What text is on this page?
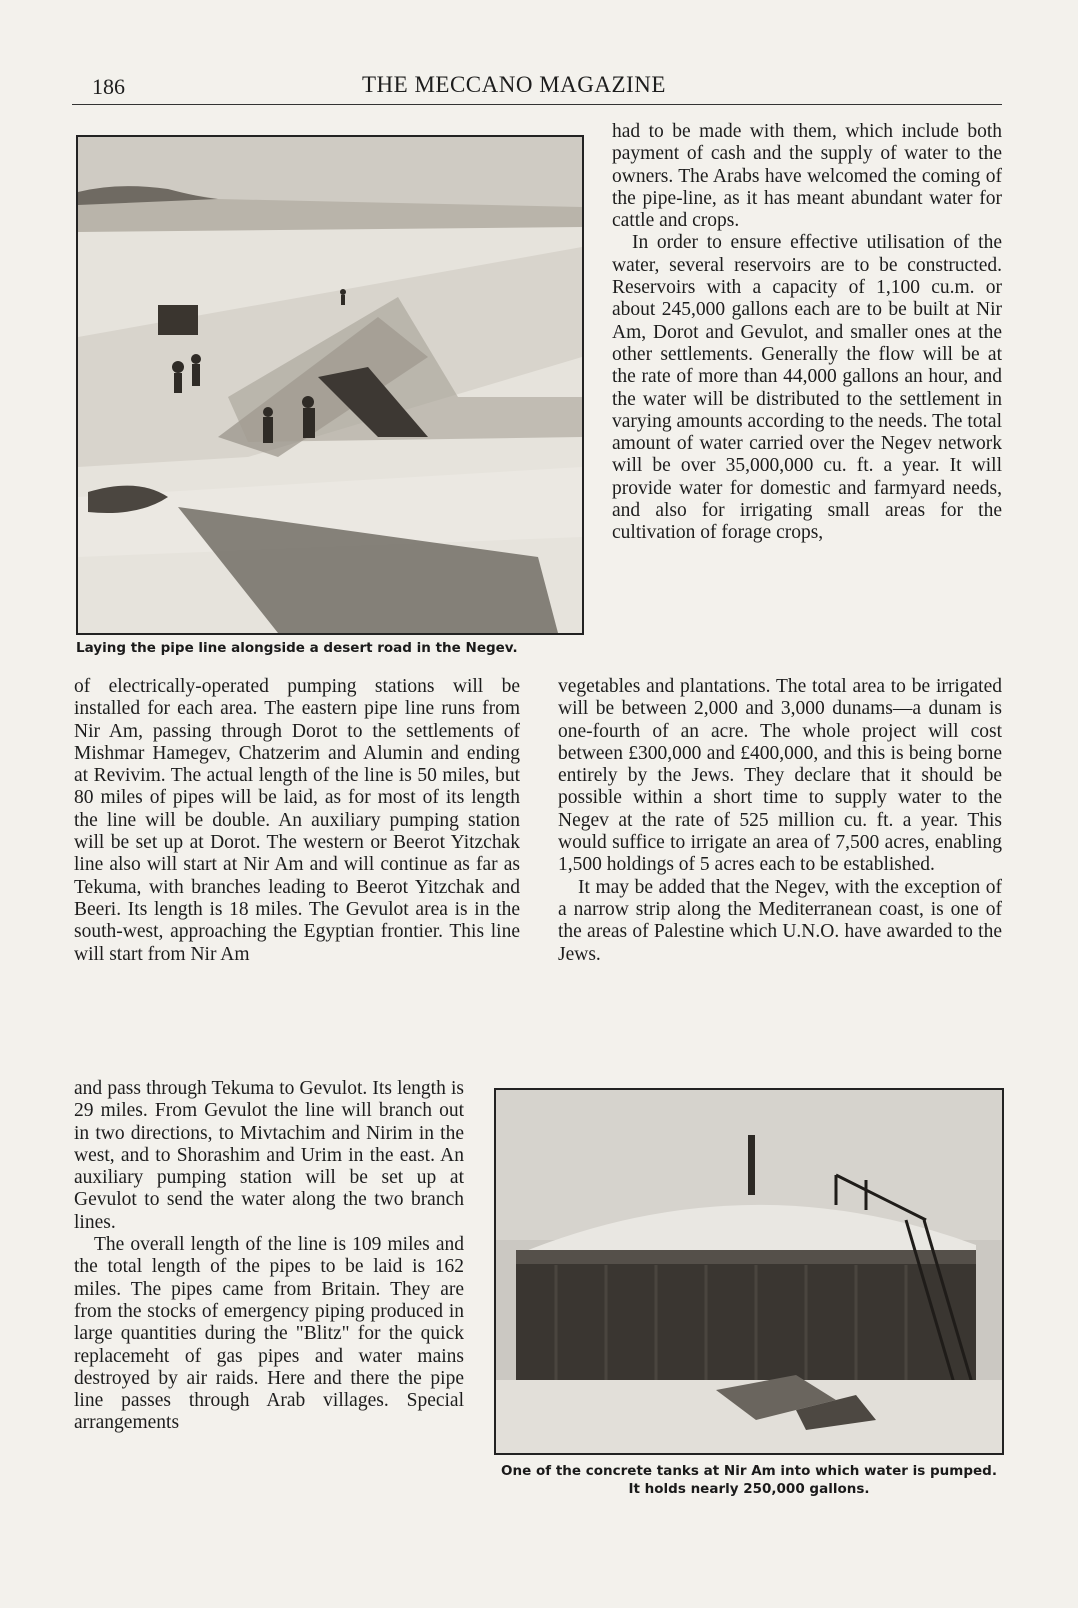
186	THE MECCANO MAGAZINE
Laying the pipe line alongside a desert road in the Negev.

had to be made with them, which include both payment of cash and the supply of water to the owners. The Arabs have welcomed the coming of the pipe-line, as it has meant abundant water for cattle and crops.

In order to ensure effective utilisation of the water, several reservoirs are to be constructed. Reservoirs with a capacity of 1,100 cu.m. or about 245,000 gallons each are to be built at Nir Am, Dorot and Gevulot, and smaller ones at the other settlements. Generally the flow will be at the rate of more than 44,000 gallons an hour, and the water will be distributed to the settlement in varying amounts according to the needs. The total amount of water carried over the Negev network will be over 35,000,000 cu. ft. a year. It will provide water for domestic and farmyard needs, and also for irrigating small areas for the cultivation of forage crops,

vegetables and plantations. The total area to be irrigated will be between 2,000 and 3,000 dunams—a dunam is one-fourth of an acre. The whole project will cost between £300,000 and £400,000, and this is being borne entirely by the Jews. They declare that it should be possible within a short time to supply water to the Negev at the rate of 525 million cu. ft. a year. This would suffice to irrigate an area of 7,500 acres, enabling 1,500 holdings of 5 acres each to be established.

It may be added that the Negev, with the exception of a narrow strip along the Mediterranean coast, is one of the areas of Palestine which U.N.O. have awarded to the Jews.

of electrically-operated pumping stations will be installed for each area. The eastern pipe line runs from Nir Am, passing through Dorot to the settlements of Mishmar Hamegev, Chatzerim and Alumin and ending at Revivim. The actual length of the line is 50 miles, but 80 miles of pipes will be laid, as for most of its length the line will be double. An auxiliary pumping station will be set up at Dorot. The western or Beerot Yitzchak line also will start at Nir Am and will continue as far as Tekuma, with branches leading to Beerot Yitzchak and Beeri. Its length is 18 miles. The Gevulot area is in the south-west, approaching the Egyptian frontier. This line will start from Nir Am

and pass through Tekuma to Gevulot. Its length is 29 miles. From Gevulot the line will branch out in two directions, to Mivtachim and Nirim in the west, and to Shorashim and Urim in the east. An auxiliary pumping station will be set up at Gevulot to send the water along the two branch lines.

The overall length of the line is 109 miles and the total length of the pipes to be laid is 162 miles. The pipes came from Britain. They are from the stocks of emergency piping produced in large quantities during the "Blitz" for the quick replacemeht of gas pipes and water mains destroyed by air raids. Here and there the pipe line passes through Arab villages. Special arrangements

One of the concrete tanks at Nir Am into which water is pumped. It holds nearly 250,000 gallons.
